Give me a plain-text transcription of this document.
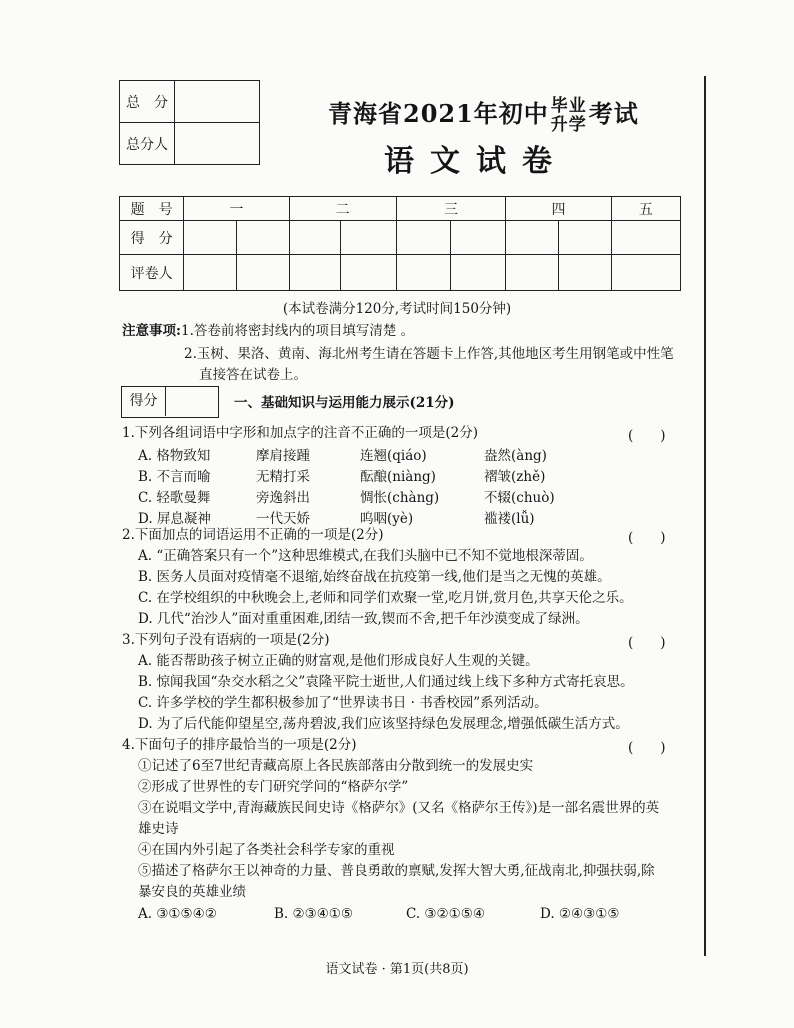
总　分	
总分人	
青海省2021年初中 毕业
升学 考试
语文试卷
题　号	一		二		三		四		五
得　分									
评卷人									
(本试卷满分120分,考试时间150分钟)
注意事项:1.答卷前将密封线内的项目填写清楚 。
2.玉树、果洛、黄南、海北州考生请在答题卡上作答,其他地区考生用钢笔或中性笔
直接答在试卷上。
得分	一、基础知识与运用能力展示(21分)
1.下列各组词语中字形和加点字的注音不正确的一项是(2分)	(　　)
A. 格物致知	摩肩接踵	连翘(qiáo)	盎然(àng)
B. 不言而喻	无精打采	酝酿(niàng)	褶皱(zhě)
C. 轻歌曼舞	旁逸斜出	惆怅(chàng)	不辍(chuò)
D. 屏息凝神	一代天娇	呜咽(yè)	褴褛(lǚ)
2.下面加点的词语运用不正确的一项是(2分)	(　　)
A. “正确答案只有一个”这种思维模式,在我们头脑中已不知不觉地根深蒂固。
B. 医务人员面对疫情毫不退缩,始终奋战在抗疫第一线,他们是当之无愧的英雄。
C. 在学校组织的中秋晚会上,老师和同学们欢聚一堂,吃月饼,赏月色,共享天伦之乐。
D. 几代“治沙人”面对重重困难,团结一致,锲而不舍,把千年沙漠变成了绿洲。
3.下列句子没有语病的一项是(2分)	(　　)
A. 能否帮助孩子树立正确的财富观,是他们形成良好人生观的关键。
B. 惊闻我国“杂交水稻之父”袁隆平院士逝世,人们通过线上线下多种方式寄托哀思。
C. 许多学校的学生都积极参加了“世界读书日 · 书香校园”系列活动。
D. 为了后代能仰望星空,荡舟碧波,我们应该坚持绿色发展理念,增强低碳生活方式。
4.下面句子的排序最恰当的一项是(2分)	(　　)
①记述了6至7世纪青藏高原上各民族部落由分散到统一的发展史实
②形成了世界性的专门研究学问的“格萨尔学”
③在说唱文学中,青海藏族民间史诗《格萨尔》(又名《格萨尔王传》)是一部名震世界的英
雄史诗
④在国内外引起了各类社会科学专家的重视
⑤描述了格萨尔王以神奇的力量、普良勇敢的禀赋,发挥大智大勇,征战南北,抑强扶弱,除
暴安良的英雄业绩
A. ③①⑤④②	B. ②③④①⑤	C. ③②①⑤④	D. ②④③①⑤
语文试卷 · 第1页(共8页)
